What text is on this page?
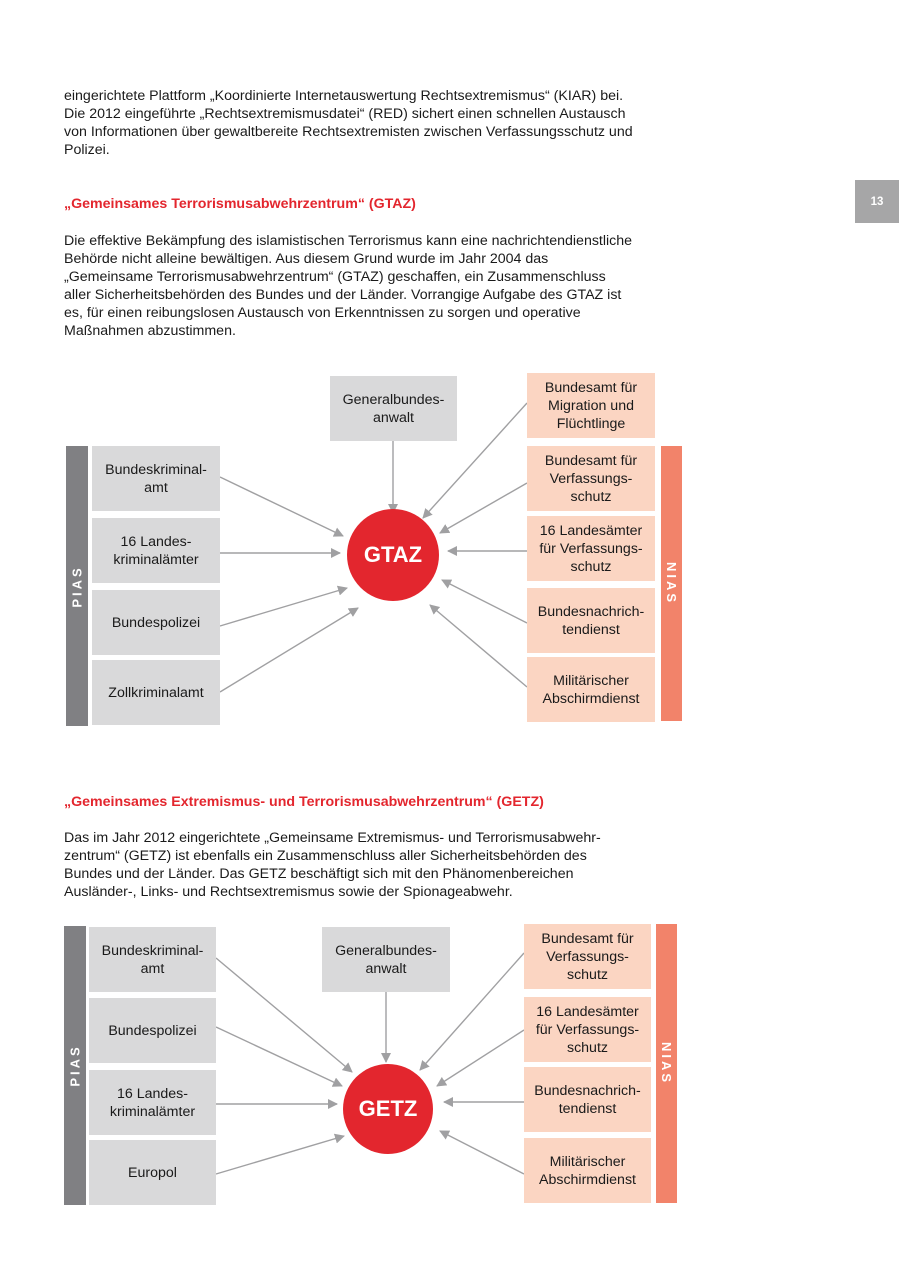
eingerichtete Plattform „Koordinierte Internetauswertung Rechtsextremismus“ (KIAR) bei. Die 2012 eingeführte „Rechtsextremismusdatei“ (RED) sichert einen schnellen Austausch von Informationen über gewaltbereite Rechtsextremisten zwischen Verfassungsschutz und Polizei.

13
„Gemeinsames Terrorismusabwehrzentrum“ (GTAZ)

Die effektive Bekämpfung des islamistischen Terrorismus kann eine nachrichtendienstliche Behörde nicht alleine bewältigen. Aus diesem Grund wurde im Jahr 2004 das „Gemeinsame Terrorismusabwehrzentrum“ (GTAZ) geschaffen, ein Zusammenschluss aller Sicherheitsbehörden des Bundes und der Länder. Vorrangige Aufgabe des GTAZ ist es, für einen reibungslosen Austausch von Erkenntnissen zu sorgen und operative Maßnahmen abzustimmen.

Generalbundes-
anwalt
PIAS
Bundeskriminal-
amt
16 Landes-
kriminalämter
Bundespolizei
Zollkriminalamt
GTAZ
Bundesamt für
Migration und
Flüchtlinge
Bundesamt für
Verfassungs-
schutz
16 Landesämter
für Verfassungs-
schutz
Bundesnachrich-
tendienst
Militärischer
Abschirmdienst
NIAS
„Gemeinsames Extremismus- und Terrorismusabwehrzentrum“ (GETZ)

Das im Jahr 2012 eingerichtete „Gemeinsame Extremismus- und Terrorismusabwehrzentrum“ (GETZ) ist ebenfalls ein Zusammenschluss aller Sicherheitsbehörden des Bundes und der Länder. Das GETZ beschäftigt sich mit den Phänomenbereichen Ausländer-, Links- und Rechtsextremismus sowie der Spionageabwehr.

Generalbundes-
anwalt
PIAS
Bundeskriminal-
amt
Bundespolizei
16 Landes-
kriminalämter
Europol
GETZ
Bundesamt für
Verfassungs-
schutz
16 Landesämter
für Verfassungs-
schutz
Bundesnachrich-
tendienst
Militärischer
Abschirmdienst
NIAS
